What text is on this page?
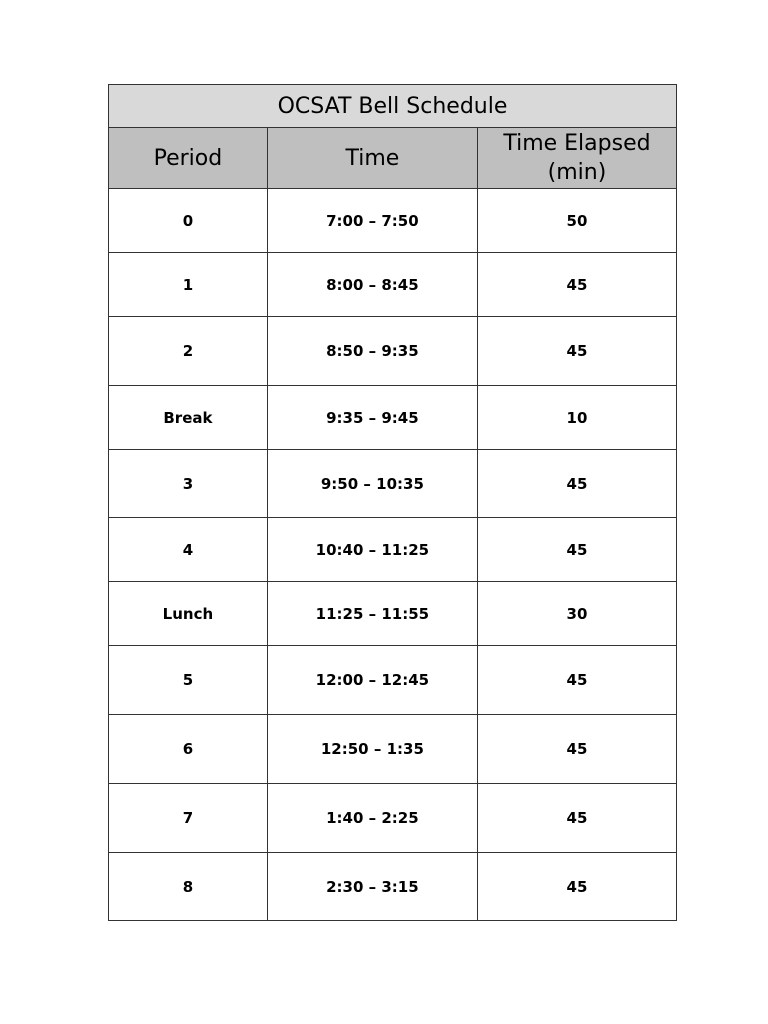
OCSAT Bell Schedule		
Period	Time	Time Elapsed
(min)
0	7:00 – 7:50	50
1	8:00 – 8:45	45
2	8:50 – 9:35	45
Break	9:35 – 9:45	10
3	9:50 – 10:35	45
4	10:40 – 11:25	45
Lunch	11:25 – 11:55	30
5	12:00 – 12:45	45
6	12:50 – 1:35	45
7	1:40 – 2:25	45
8	2:30 – 3:15	45
